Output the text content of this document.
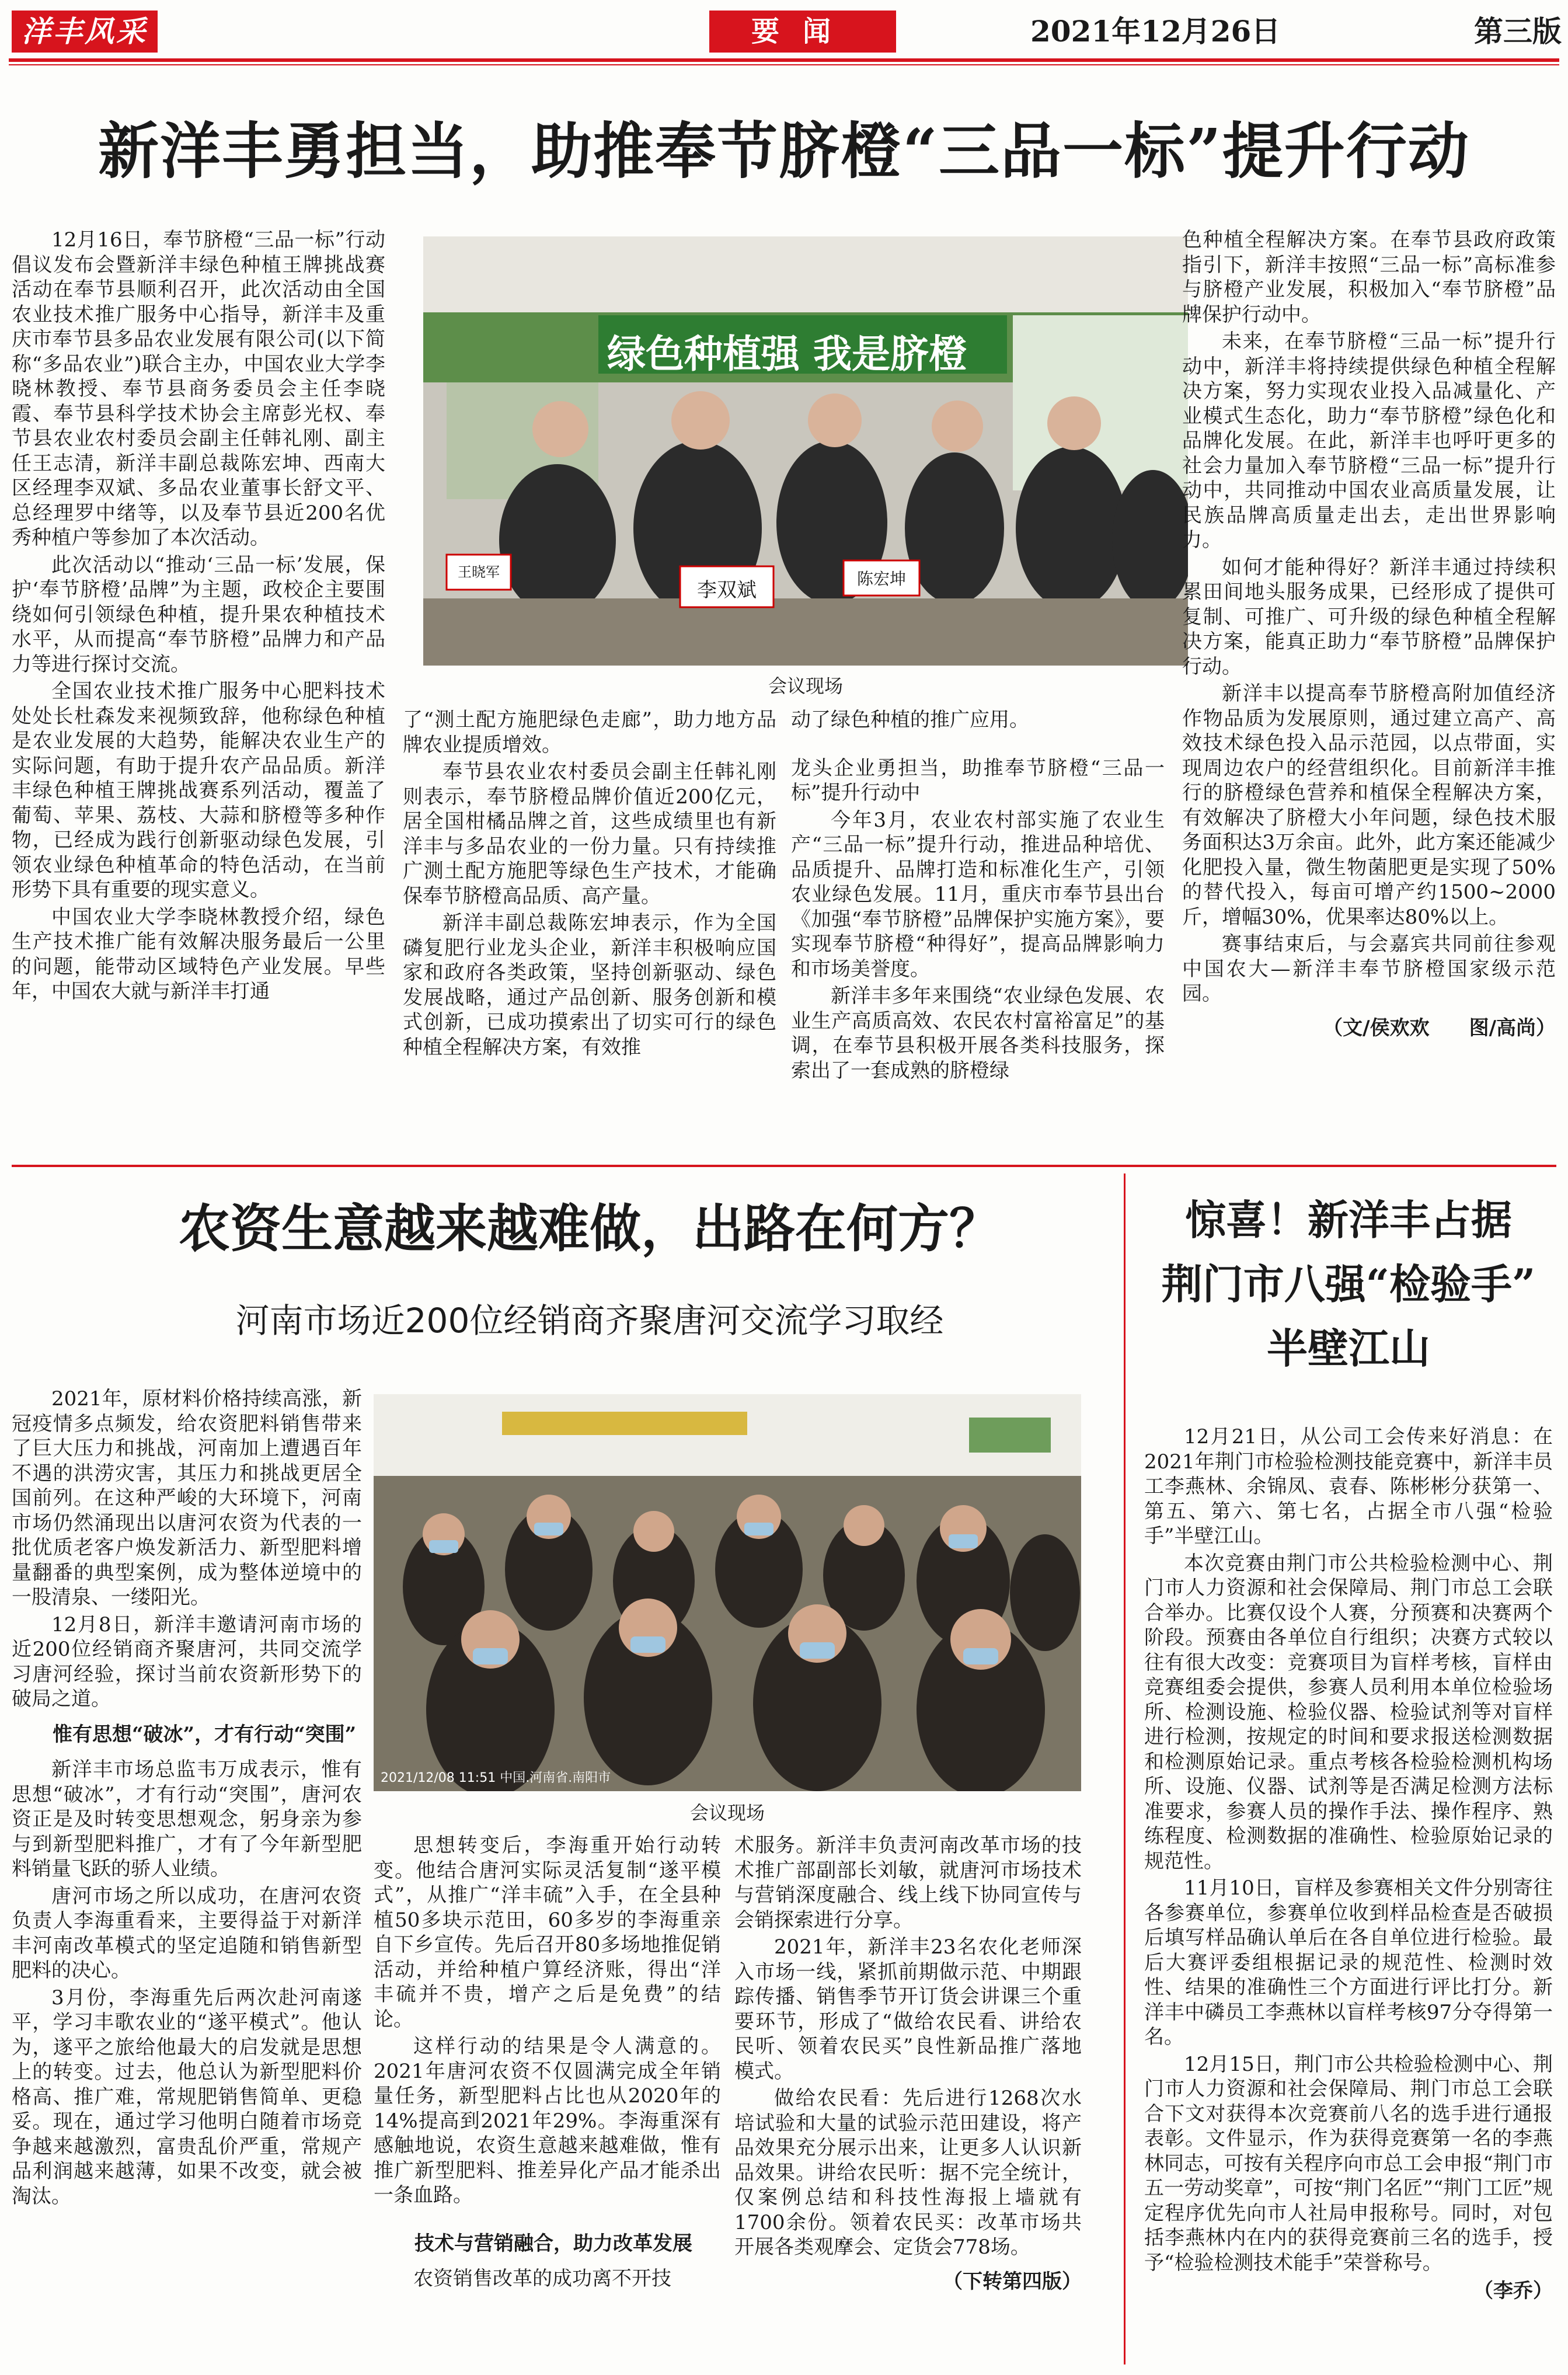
洋丰风采	要闻	2021年12月26日	第三版
新洋丰勇担当，助推奉节脐橙“三品一标”提升行动

12月16日，奉节脐橙“三品一标”行动倡议发布会暨新洋丰绿色种植王牌挑战赛活动在奉节县顺利召开，此次活动由全国农业技术推广服务中心指导，新洋丰及重庆市奉节县多品农业发展有限公司(以下简称“多品农业”)联合主办，中国农业大学李晓林教授、奉节县商务委员会主任李晓霞、奉节县科学技术协会主席彭光权、奉节县农业农村委员会副主任韩礼刚、副主任王志清，新洋丰副总裁陈宏坤、西南大区经理李双斌、多品农业董事长舒文平、总经理罗中绪等，以及奉节县近200名优秀种植户等参加了本次活动。

此次活动以“推动‘三品一标’发展，保护‘奉节脐橙’品牌”为主题，政校企主要围绕如何引领绿色种植，提升果农种植技术水平，从而提高“奉节脐橙”品牌力和产品力等进行探讨交流。

全国农业技术推广服务中心肥料技术处处长杜森发来视频致辞，他称绿色种植是农业发展的大趋势，能解决农业生产的实际问题，有助于提升农产品品质。新洋丰绿色种植王牌挑战赛系列活动，覆盖了葡萄、苹果、荔枝、大蒜和脐橙等多种作物，已经成为践行创新驱动绿色发展，引领农业绿色种植革命的特色活动，在当前形势下具有重要的现实意义。

中国农业大学李晓林教授介绍，绿色生产技术推广能有效解决服务最后一公里的问题，能带动区域特色产业发展。早些年，中国农大就与新洋丰打通

绿色种植强 我是脐橙
王晓军
李双斌	陈宏坤
会议现场

了“测土配方施肥绿色走廊”，助力地方品牌农业提质增效。

奉节县农业农村委员会副主任韩礼刚则表示，奉节脐橙品牌价值近200亿元，居全国柑橘品牌之首，这些成绩里也有新洋丰与多品农业的一份力量。只有持续推广测土配方施肥等绿色生产技术，才能确保奉节脐橙高品质、高产量。

新洋丰副总裁陈宏坤表示，作为全国磷复肥行业龙头企业，新洋丰积极响应国家和政府各类政策，坚持创新驱动、绿色发展战略，通过产品创新、服务创新和模式创新，已成功摸索出了切实可行的绿色种植全程解决方案，有效推

动了绿色种植的推广应用。

龙头企业勇担当，助推奉节脐橙“三品一标”提升行动中

今年3月，农业农村部实施了农业生产“三品一标”提升行动，推进品种培优、品质提升、品牌打造和标准化生产，引领农业绿色发展。11月，重庆市奉节县出台《加强“奉节脐橙”品牌保护实施方案》，要实现奉节脐橙“种得好”，提高品牌影响力和市场美誉度。

新洋丰多年来围绕“农业绿色发展、农业生产高质高效、农民农村富裕富足”的基调，在奉节县积极开展各类科技服务，探索出了一套成熟的脐橙绿

色种植全程解决方案。在奉节县政府政策指引下，新洋丰按照“三品一标”高标准参与脐橙产业发展，积极加入“奉节脐橙”品牌保护行动中。

未来，在奉节脐橙“三品一标”提升行动中，新洋丰将持续提供绿色种植全程解决方案，努力实现农业投入品减量化、产业模式生态化，助力“奉节脐橙”绿色化和品牌化发展。在此，新洋丰也呼吁更多的社会力量加入奉节脐橙“三品一标”提升行动中，共同推动中国农业高质量发展，让民族品牌高质量走出去，走出世界影响力。

如何才能种得好？新洋丰通过持续积累田间地头服务成果，已经形成了提供可复制、可推广、可升级的绿色种植全程解决方案，能真正助力“奉节脐橙”品牌保护行动。

新洋丰以提高奉节脐橙高附加值经济作物品质为发展原则，通过建立高产、高效技术绿色投入品示范园，以点带面，实现周边农户的经营组织化。目前新洋丰推行的脐橙绿色营养和植保全程解决方案，有效解决了脐橙大小年问题，绿色技术服务面积达3万余亩。此外，此方案还能减少化肥投入量，微生物菌肥更是实现了50%的替代投入，每亩可增产约1500~2000斤，增幅30%，优果率达80%以上。

赛事结束后，与会嘉宾共同前往参观中国农大—新洋丰奉节脐橙国家级示范园。

（文/侯欢欢　　图/高尚）

农资生意越来越难做，出路在何方？
河南市场近200位经销商齐聚唐河交流学习取经

2021年，原材料价格持续高涨，新冠疫情多点频发，给农资肥料销售带来了巨大压力和挑战，河南加上遭遇百年不遇的洪涝灾害，其压力和挑战更居全国前列。在这种严峻的大环境下，河南市场仍然涌现出以唐河农资为代表的一批优质老客户焕发新活力、新型肥料增量翻番的典型案例，成为整体逆境中的一股清泉、一缕阳光。

12月8日，新洋丰邀请河南市场的近200位经销商齐聚唐河，共同交流学习唐河经验，探讨当前农资新形势下的破局之道。

惟有思想“破冰”，才有行动“突围”

新洋丰市场总监韦万成表示，惟有思想“破冰”，才有行动“突围”，唐河农资正是及时转变思想观念，躬身亲为参与到新型肥料推广，才有了今年新型肥料销量飞跃的骄人业绩。

唐河市场之所以成功，在唐河农资负责人李海重看来，主要得益于对新洋丰河南改革模式的坚定追随和销售新型肥料的决心。

3月份，李海重先后两次赴河南遂平，学习丰歌农业的“遂平模式”。他认为，遂平之旅给他最大的启发就是思想上的转变。过去，他总认为新型肥料价格高、推广难，常规肥销售简单、更稳妥。现在，通过学习他明白随着市场竞争越来越激烈，富贵乱价严重，常规产品利润越来越薄，如果不改变，就会被淘汰。

2021/12/08 11:51 中国.河南省.南阳市
会议现场

思想转变后，李海重开始行动转变。他结合唐河实际灵活复制“遂平模式”，从推广“洋丰硫”入手，在全县种植50多块示范田，60多岁的李海重亲自下乡宣传。先后召开80多场地推促销活动，并给种植户算经济账，得出“洋丰硫并不贵，增产之后是免费”的结论。

这样行动的结果是令人满意的。2021年唐河农资不仅圆满完成全年销量任务，新型肥料占比也从2020年的14%提高到2021年29%。李海重深有感触地说，农资生意越来越难做，惟有推广新型肥料、推差异化产品才能杀出一条血路。

技术与营销融合，助力改革发展

农资销售改革的成功离不开技

术服务。新洋丰负责河南改革市场的技术推广部副部长刘敏，就唐河市场技术与营销深度融合、线上线下协同宣传与会销探索进行分享。

2021年，新洋丰23名农化老师深入市场一线，紧抓前期做示范、中期跟踪传播、销售季节开订货会讲课三个重要环节，形成了“做给农民看、讲给农民听、领着农民买”良性新品推广落地模式。

做给农民看：先后进行1268次水培试验和大量的试验示范田建设，将产品效果充分展示出来，让更多人认识新品效果。讲给农民听：据不完全统计，仅案例总结和科技性海报上墙就有1700余份。领着农民买：改革市场共开展各类观摩会、定货会778场。

（下转第四版）

惊喜！新洋丰占据
荆门市八强“检验手”
半壁江山

12月21日，从公司工会传来好消息：在2021年荆门市检验检测技能竞赛中，新洋丰员工李燕林、余锦凤、袁春、陈彬彬分获第一、第五、第六、第七名，占据全市八强“检验手”半壁江山。

本次竞赛由荆门市公共检验检测中心、荆门市人力资源和社会保障局、荆门市总工会联合举办。比赛仅设个人赛，分预赛和决赛两个阶段。预赛由各单位自行组织；决赛方式较以往有很大改变：竞赛项目为盲样考核，盲样由竞赛组委会提供，参赛人员利用本单位检验场所、检测设施、检验仪器、检验试剂等对盲样进行检测，按规定的时间和要求报送检测数据和检测原始记录。重点考核各检验检测机构场所、设施、仪器、试剂等是否满足检测方法标准要求，参赛人员的操作手法、操作程序、熟练程度、检测数据的准确性、检验原始记录的规范性。

11月10日，盲样及参赛相关文件分别寄往各参赛单位，参赛单位收到样品检查是否破损后填写样品确认单后在各自单位进行检验。最后大赛评委组根据记录的规范性、检测时效性、结果的准确性三个方面进行评比打分。新洋丰中磷员工李燕林以盲样考核97分夺得第一名。

12月15日，荆门市公共检验检测中心、荆门市人力资源和社会保障局、荆门市总工会联合下文对获得本次竞赛前八名的选手进行通报表彰。文件显示，作为获得竞赛第一名的李燕林同志，可按有关程序向市总工会申报“荆门市五一劳动奖章”，可按“荆门名匠”“荆门工匠”规定程序优先向市人社局申报称号。同时，对包括李燕林内在内的获得竞赛前三名的选手，授予“检验检测技术能手”荣誉称号。

（李乔）
